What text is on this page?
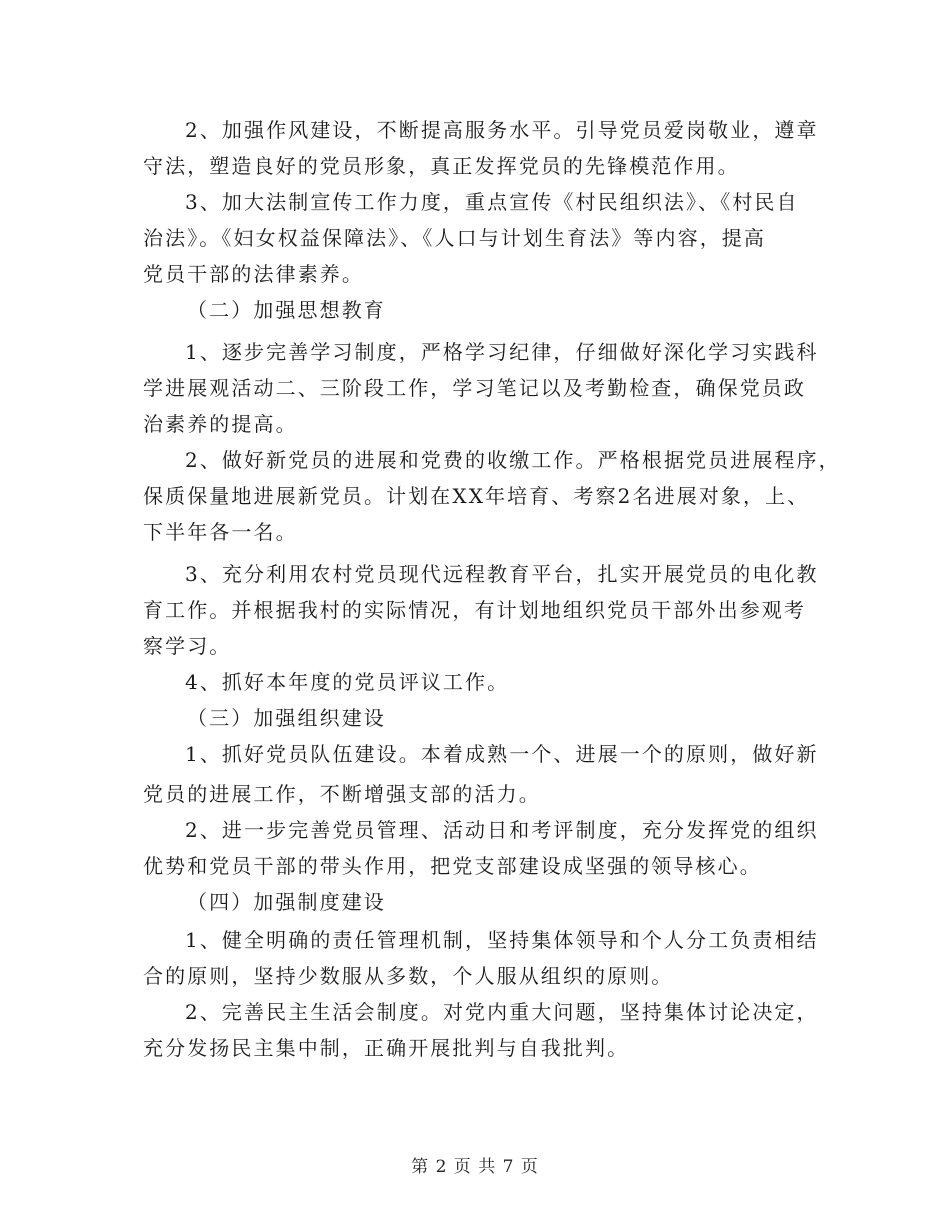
2、加强作风建设，不断提高服务水平。引导党员爱岗敬业，遵章
守法，塑造良好的党员形象，真正发挥党员的先锋模范作用。
3、加大法制宣传工作力度，重点宣传《村民组织法》、《村民自
治法》。《妇女权益保障法》、《人口与计划生育法》等内容，提高
党员干部的法律素养。
（二）加强思想教育
1、逐步完善学习制度，严格学习纪律，仔细做好深化学习实践科
学进展观活动二、三阶段工作，学习笔记以及考勤检查，确保党员政
治素养的提高。
2、做好新党员的进展和党费的收缴工作。严格根据党员进展程序，
保质保量地进展新党员。计划在XX年培育、考察2名进展对象，上、
下半年各一名。
3、充分利用农村党员现代远程教育平台，扎实开展党员的电化教
育工作。并根据我村的实际情况，有计划地组织党员干部外出参观考
察学习。
4、抓好本年度的党员评议工作。
（三）加强组织建设
1、抓好党员队伍建设。本着成熟一个、进展一个的原则，做好新
党员的进展工作，不断增强支部的活力。
2、进一步完善党员管理、活动日和考评制度，充分发挥党的组织
优势和党员干部的带头作用，把党支部建设成坚强的领导核心。
（四）加强制度建设
1、健全明确的责任管理机制，坚持集体领导和个人分工负责相结
合的原则，坚持少数服从多数，个人服从组织的原则。
2、完善民主生活会制度。对党内重大问题，坚持集体讨论决定，
充分发扬民主集中制，正确开展批判与自我批判。
第 2 页 共 7 页
